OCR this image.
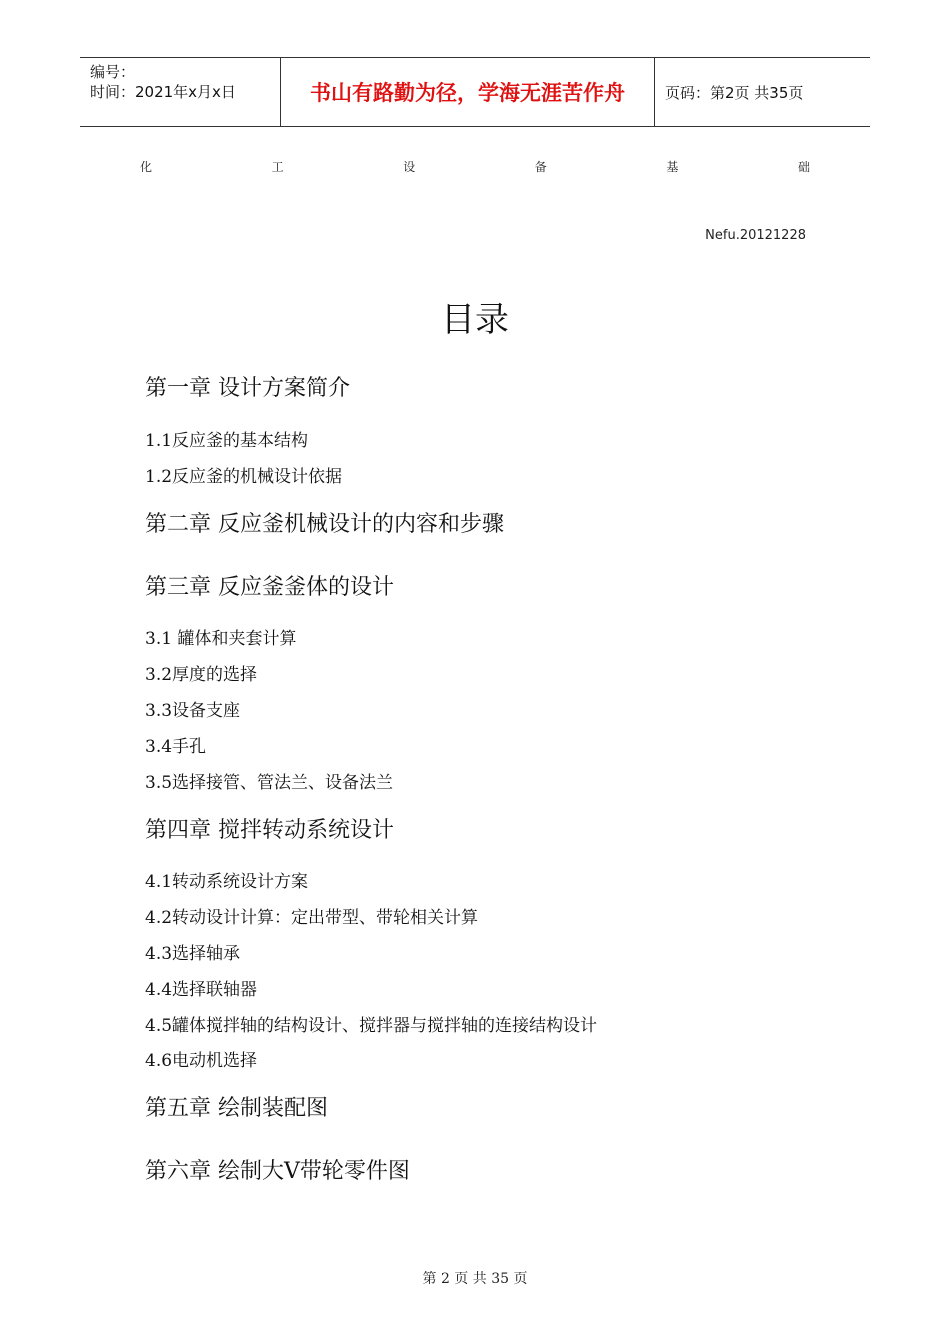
编号：
时间：2021年x月x日	书山有路勤为径，学海无涯苦作舟	页码：第2页 共35页
化	工	设	备	基	础
Nefu.20121228
目录
第一章 设计方案简介
1.1反应釜的基本结构
1.2反应釜的机械设计依据
第二章 反应釜机械设计的内容和步骤
第三章 反应釜釜体的设计
3.1 罐体和夹套计算
3.2厚度的选择
3.3设备支座
3.4手孔
3.5选择接管、管法兰、设备法兰
第四章 搅拌转动系统设计
4.1转动系统设计方案
4.2转动设计计算：定出带型、带轮相关计算
4.3选择轴承
4.4选择联轴器
4.5罐体搅拌轴的结构设计、搅拌器与搅拌轴的连接结构设计
4.6电动机选择
第五章 绘制装配图
第六章 绘制大V带轮零件图
第 2 页 共 35 页
